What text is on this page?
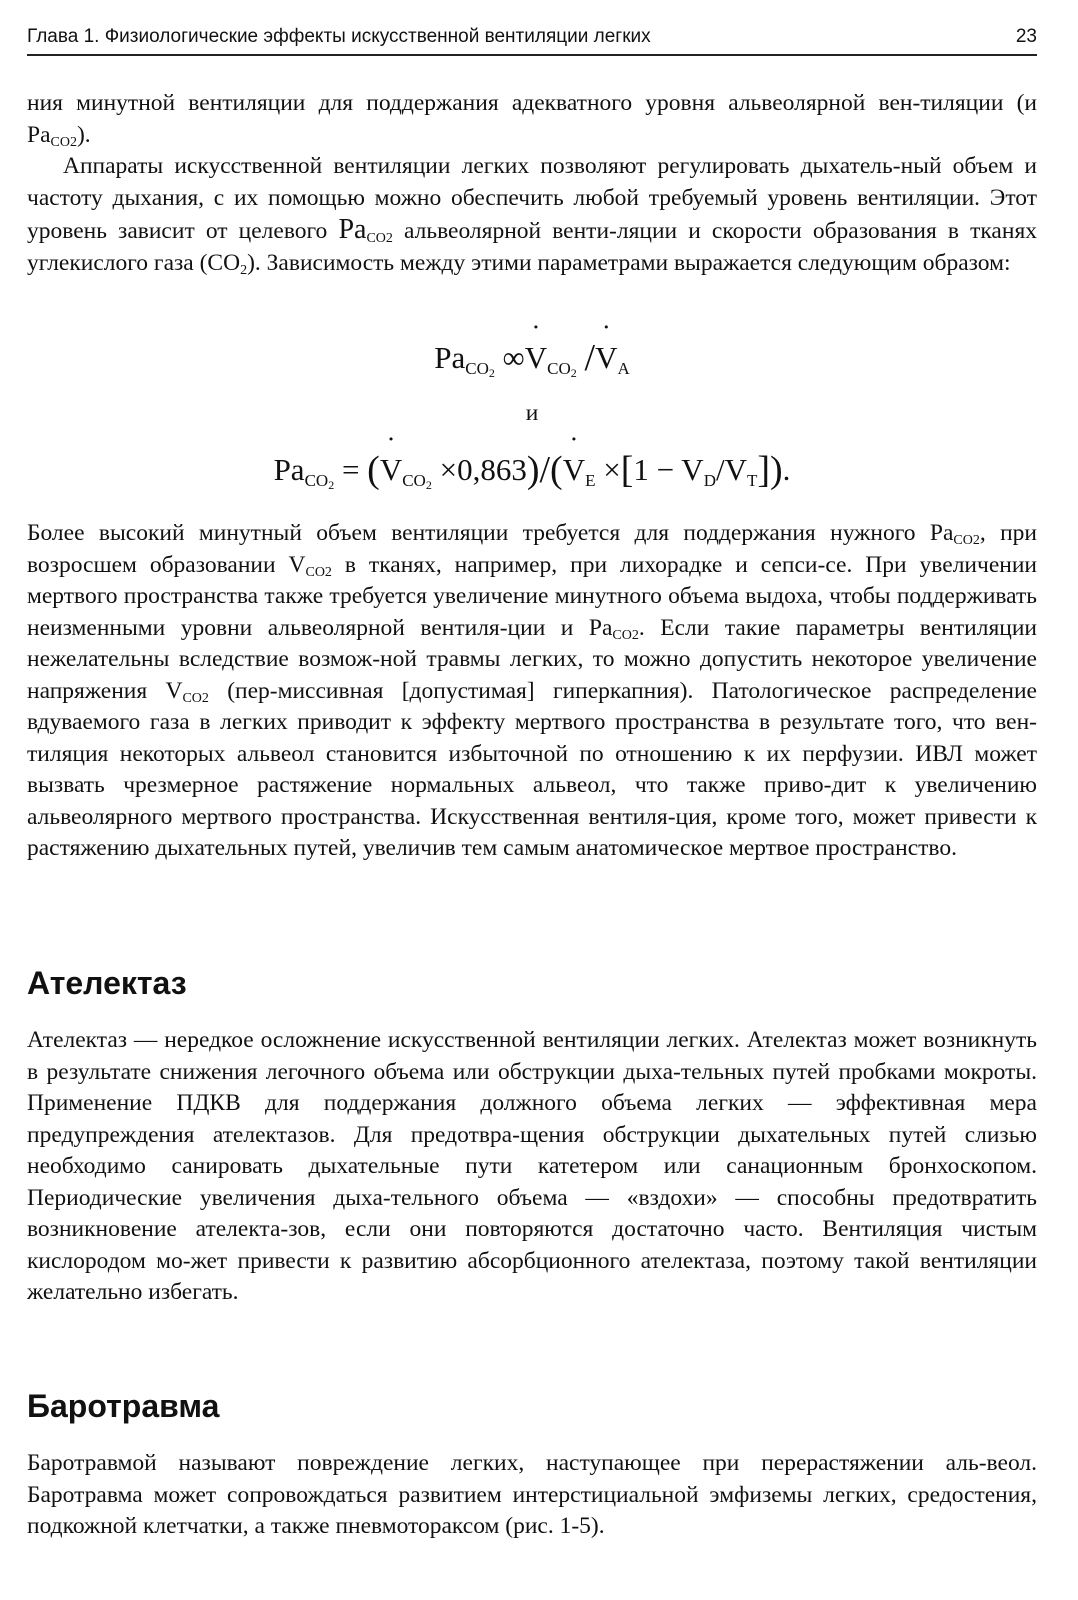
Глава 1. Физиологические эффекты искусственной вентиляции легких	23

ния минутной вентиляции для поддержания адекватного уровня альвеолярной вен-тиляции (и $Pa_{CO2}$).

Аппараты искусственной вентиляции легких позволяют регулировать дыхатель-ный объем и частоту дыхания, с их помощью можно обеспечить любой требуемый уровень вентиляции. Этот уровень зависит от целевого $Pa_{CO2}$ альвеолярной венти-ляции и скорости образования в тканях углекислого газа $(CO_2)$. Зависимость между этими параметрами выражается следующим образом:

$Pa_{CO_2}$ ∞˙ $V_{CO_2}$ /˙ $V_A$
и
$Pa_{CO_2}$ = (˙ $V_{CO_2}$ ×0,863)/(˙ $V_E \times[1 - V_D/V_T]$).

Более высокий минутный объем вентиляции требуется для поддержания нужного $Pa_{CO2}$, при возросшем образовании $V_{CO2}$ в тканях, например, при лихорадке и сепси-се. При увеличении мертвого пространства также требуется увеличение минутного объема выдоха, чтобы поддерживать неизменными уровни альвеолярной вентиля-ции и $Pa_{CO2}$. Если такие параметры вентиляции нежелательны вследствие возмож-ной травмы легких, то можно допустить некоторое увеличение напряжения $V_{CO2}$ (пер-миссивная [допустимая] гиперкапния). Патологическое распределение вдуваемого газа в легких приводит к эффекту мертвого пространства в результате того, что вен-тиляция некоторых альвеол становится избыточной по отношению к их перфузии. ИВЛ может вызвать чрезмерное растяжение нормальных альвеол, что также приво-дит к увеличению альвеолярного мертвого пространства. Искусственная вентиля-ция, кроме того, может привести к растяжению дыхательных путей, увеличив тем самым анатомическое мертвое пространство.

Ателектаз

Ателектаз — нередкое осложнение искусственной вентиляции легких. Ателектаз может возникнуть в результате снижения легочного объема или обструкции дыха-тельных путей пробками мокроты. Применение ПДКВ для поддержания должного объема легких — эффективная мера предупреждения ателектазов. Для предотвра-щения обструкции дыхательных путей слизью необходимо санировать дыхательные пути катетером или санационным бронхоскопом. Периодические увеличения дыха-тельного объема — «вздохи» — способны предотвратить возникновение ателекта-зов, если они повторяются достаточно часто. Вентиляция чистым кислородом мо-жет привести к развитию абсорбционного ателектаза, поэтому такой вентиляции желательно избегать.

Баротравма

Баротравмой называют повреждение легких, наступающее при перерастяжении аль-веол. Баротравма может сопровождаться развитием интерстициальной эмфиземы легких, средостения, подкожной клетчатки, а также пневмотораксом (рис. 1-5).
